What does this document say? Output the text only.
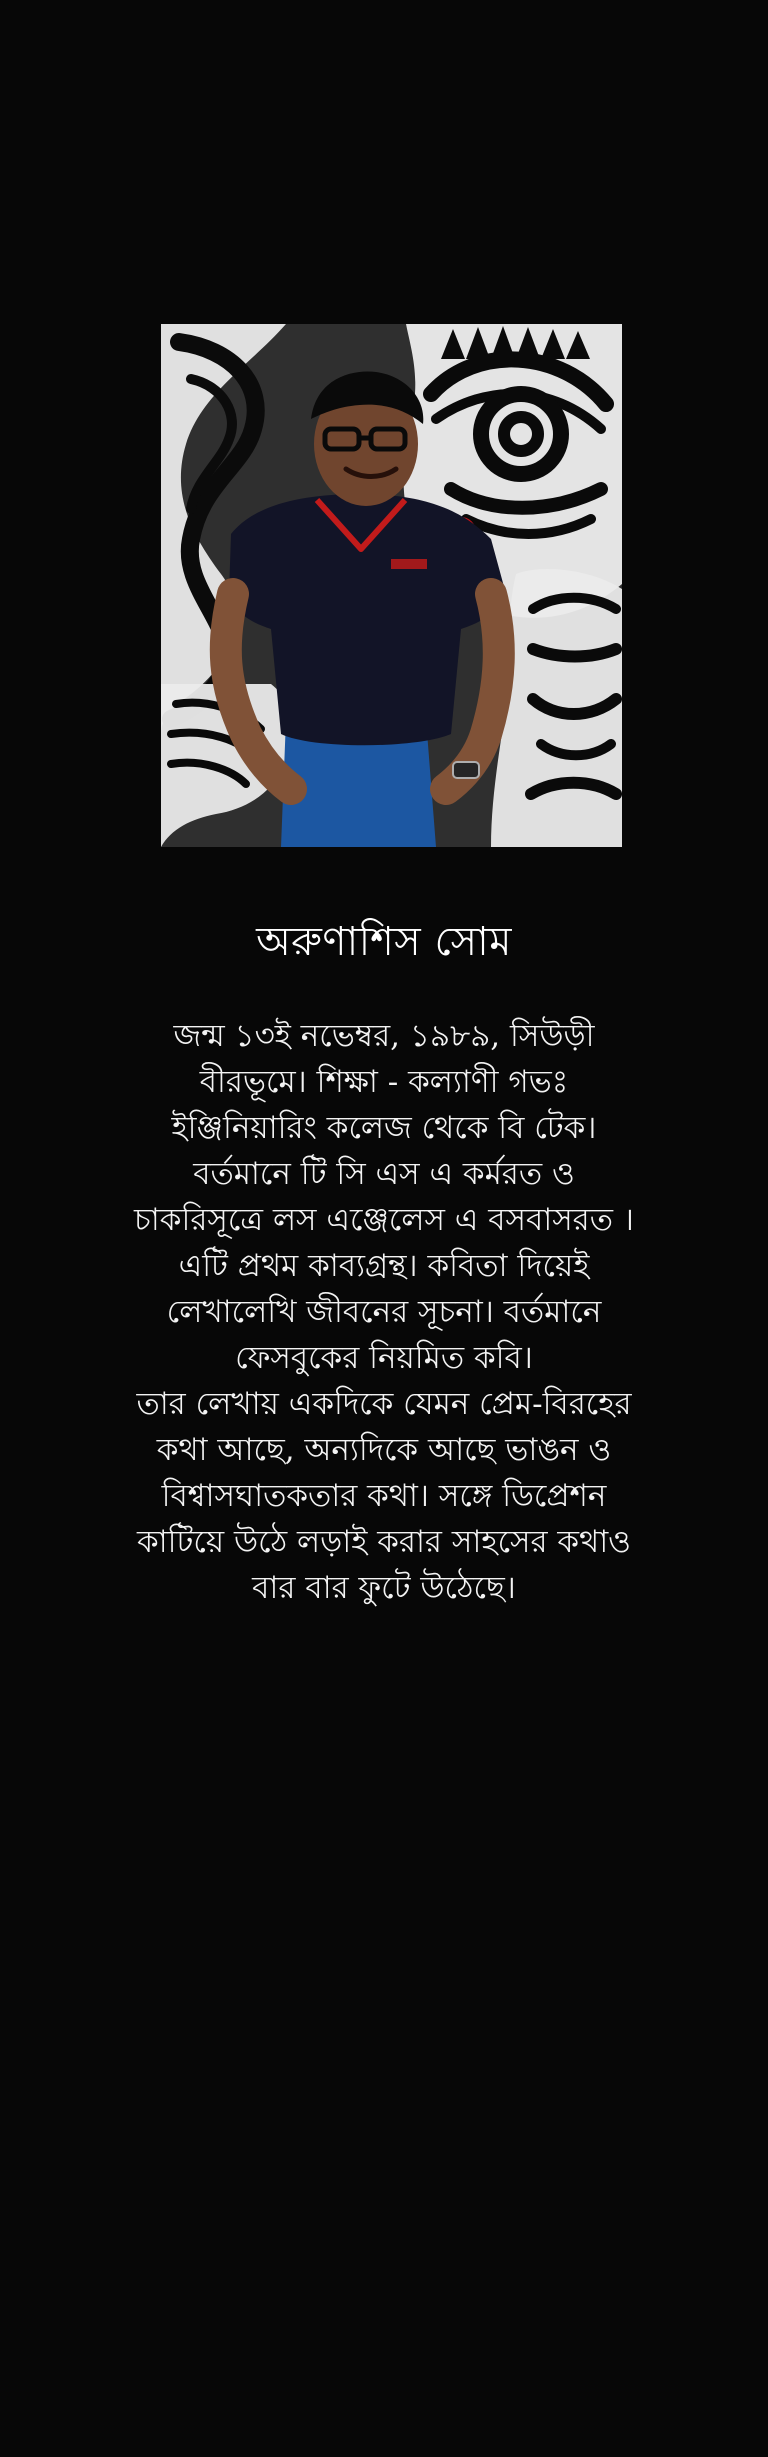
অরুণাশিস সোম
জন্ম ১৩ই নভেম্বর, ১৯৮৯, সিউড়ী
বীরভূমে। শিক্ষা - কল্যাণী গভঃ
ইঞ্জিনিয়ারিং কলেজ থেকে বি টেক।
বর্তমানে টি সি এস এ কর্মরত ও
চাকরিসূত্রে লস এঞ্জেলেস এ বসবাসরত ।
এটি প্রথম কাব্যগ্রন্থ। কবিতা দিয়েই
লেখালেখি জীবনের সূচনা। বর্তমানে
ফেসবুকের নিয়মিত কবি।
তার লেখায় একদিকে যেমন প্রেম-বিরহের
কথা আছে, অন্যদিকে আছে ভাঙন ও
বিশ্বাসঘাতকতার কথা। সঙ্গে ডিপ্রেশন
কাটিয়ে উঠে লড়াই করার সাহসের কথাও
বার বার ফুটে উঠেছে।
